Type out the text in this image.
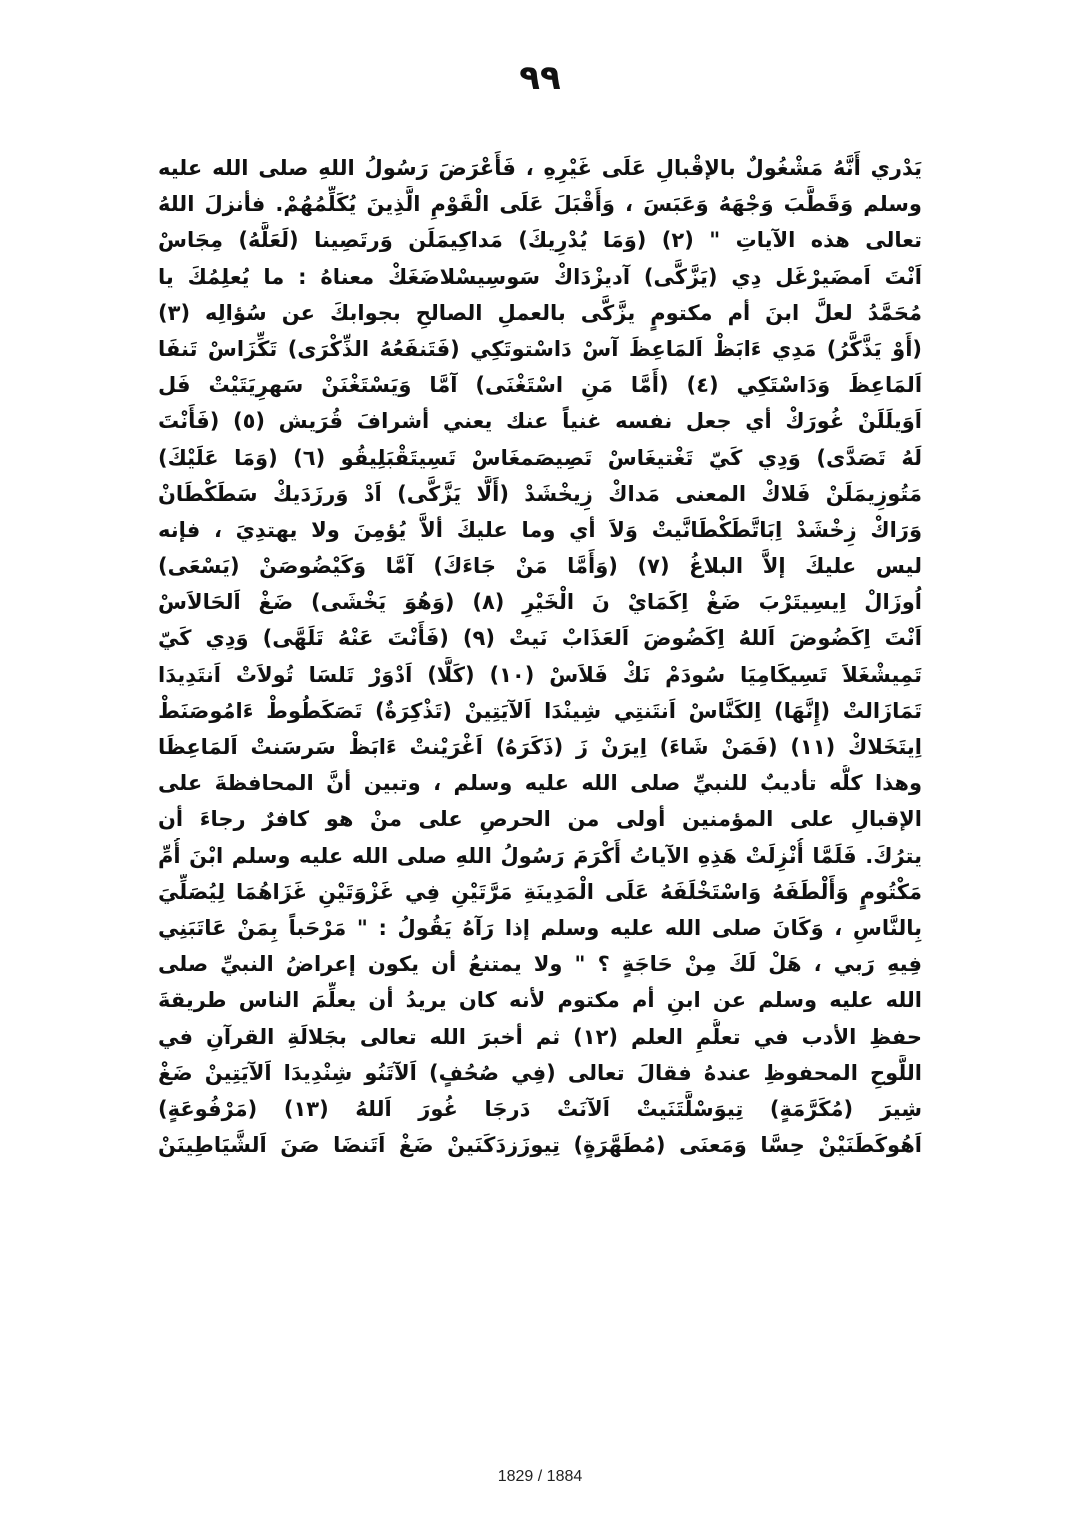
٩٩
يَدْري أَنَّهُ مَشْغُولٌ بالإقْبالِ عَلَى غَيْرِهِ ، فَأَعْرَضَ رَسُولُ اللهِ صلى الله عليه
وسلم وَقَطَّبَ وَجْهَهُ وَعَبَسَ ، وَأَقْبَلَ عَلَى الْقَوْمِ الَّذِينَ يُكَلِّمُهُمْ. فأنزلَ اللهُ
تعالى هذه الآياتِ " (٢) (وَمَا يُدْرِيكَ) مَداكِيمَلَن وَرتَصِينا (لَعَلَّهُ) مِجَاسْ
اَنْتَ اَمضَيرْغَل دِي (يَزَّكَّى) آديزْدَاكْ سَوسِيسْلاضَغَكْ معناهُ : ما يُعلِمُكَ يا
مُحَمَّدُ لعلَّ ابنَ أم مكتومٍ يزَّكَّى بالعملِ الصالحِ بجوابكَ عن سُؤالِه (٣)
(أَوْ يَذَّكَّرُ) مَدِي ءَابَظْ اَلمَاعِظَ آسْ دَاسْتوتَكِي (فَتَنفَعُهُ الذِّكْرَى) تَكِّزَاسْ تَنفَا
اَلمَاعِظَ وَدَاسْتَكِي (٤) (أَمَّا مَنِ اسْتَغْنَى) آمَّا وَيَسْتَغْنَنْ سَهرِيَتَيْتْ فَل
اَوَيلَلَنْ غُورَكْ أي جعل نفسه غنياً عنك يعني أشرافَ قُرَيش (٥) (فَأَنْتَ
لَهُ تَصَدَّى) وَدِي كَيّ تَغْتيغَاسْ تَصِيصَمغَاسْ تَسِيتَقْبَلِيقُو (٦) (وَمَا عَلَيْكَ)
مَتُوزِيمَلَنْ فَلاكْ المعنى مَداكْ زِيخْشَدْ (أَلَّا يَزَّكَّى) اَدْ وَرزَدَيكْ سَطَكْطَانْ
وَرَاكْ زِخْشَدْ اِبَاتَّطَكْطَانَّيتْ وَلاَ أي وما عليكَ ألاَّ يُؤمِنَ ولا يهتدِيَ ، فإنه
ليس عليكَ إلاَّ البلاغُ (٧) (وَأَمَّا مَنْ جَاءَكَ) آمَّا وَكَيْضُوصَنْ (يَسْعَى)
اُوزَالْ اِيسِيتَرْبَ ضَغْ اِكَمَايْ نَ الْخَيْرِ (٨) (وَهُوَ يَخْشَى) ضَغْ اَلحَالاَسْ
اَنْتَ اِكَضُوضَ اَللهُ اِكَضُوضَ اَلعَذَابْ نَيتْ (٩) (فَأَنْتَ عَنْهُ تَلَهَّى) وَدِي كَيّ
تَمِيشْغَلاَ تَسِيكَامِيَا سُودَمْ نَكْ فَلاَسْ (١٠) (كَلَّا) اَدْوَرْ تَلسَا تُولاَتْ اَنتَدِيدَا
تَمَازَالتْ (إِنَّهَا) اِلكَنَّاسْ اَنتَنتِي شِينْدَا اَلآيَتِينْ (تَذْكِرَةٌ) تَصَكَطُوطْ ءَامُوصَنَطْ
اِيتَخَلاكْ (١١) (فَمَنْ شَاءَ) اِيرَنْ زَ (ذَكَرَهُ) اَغْرَيْنتْ ءَابَظْ سَرسَنتْ اَلمَاعِظَا
وهذا كلُّه تأديبٌ للنبيِّ صلى الله عليه وسلم ، وتبين أنَّ المحافظةَ على
الإقبالِ على المؤمنين أولى من الحرصِ على منْ هو كافرٌ رجاءَ أن
يترُكَ. فَلَمَّا أُنْزِلَتْ هَذِهِ الآياتُ أَكْرَمَ رَسُولُ اللهِ صلى الله عليه وسلم ابْنَ أُمِّ
مَكْتُومٍ وَأَلْطَفَهُ وَاسْتَخْلَفَهُ عَلَى الْمَدِينَةِ مَرَّتَيْنِ فِي غَزْوَتَيْنِ غَزَاهُمَا لِيُصَلِّيَ
بِالنَّاسِ ، وَكَانَ صلى الله عليه وسلم إذا رَآهُ يَقُولُ : " مَرْحَباً بِمَنْ عَاتَبَنِي
فِيهِ رَبي ، هَلْ لَكَ مِنْ حَاجَةٍ ؟ " ولا يمتنعُ أن يكون إعراضُ النبيِّ صلى
الله عليه وسلم عن ابنِ أم مكتوم لأنه كان يريدُ أن يعلِّمَ الناس طريقةَ
حفظِ الأدب في تعلُّمِ العلم (١٢) ثم أخبرَ الله تعالى بجَلالَةِ القرآنِ في
اللَّوحِ المحفوظِ عندهُ فقالَ تعالى (فِي صُحُفٍ) اَلآتَنُو شِنْدِيدَا اَلآيَتِينْ ضَغْ
شِيرَ (مُكَرَّمَةٍ) تِيوَسْلَّتَنَيتْ اَلآنَتْ دَرجَا غُورَ اَللهُ (١٣) (مَرْفُوعَةٍ)
اَهُوكَطَنَيْنْ حِسَّا وَمَعنَى (مُطَهَّرَةٍ) تِيوزَزدَكَنَينْ ضَغْ اَتَنضَا صَنَ اَلشَّيَاطِينَنْ
1829 / 1884
